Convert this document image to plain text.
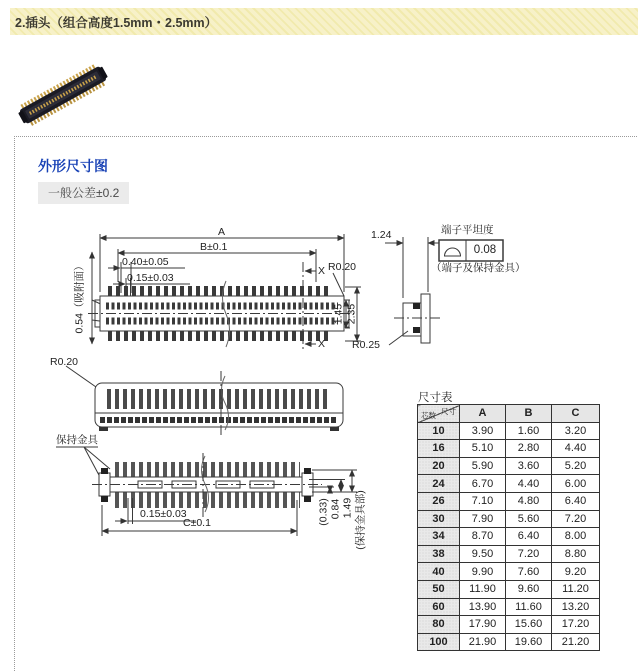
2.插头（组合高度1.5mm・2.5mm）
外形尺寸图
一般公差±0.2
A
B±0.1
0.40±0.05
0.15±0.03
0.54（吸附面）	X
X
R0.20
1.45 2.35
R0.20
保持金具
0.15±0.03
C±0.1	(0.33) 0.84 1.49 (保持金具部)
1.24
R0.25
端子平坦度
0.08
（端子及保持金具）
尺寸表
尺寸
芯数	A	B	C
10	3.90	1.60	3.20
16	5.10	2.80	4.40
20	5.90	3.60	5.20
24	6.70	4.40	6.00
26	7.10	4.80	6.40
30	7.90	5.60	7.20
34	8.70	6.40	8.00
38	9.50	7.20	8.80
40	9.90	7.60	9.20
50	11.90	9.60	11.20
60	13.90	11.60	13.20
80	17.90	15.60	17.20
100	21.90	19.60	21.20
